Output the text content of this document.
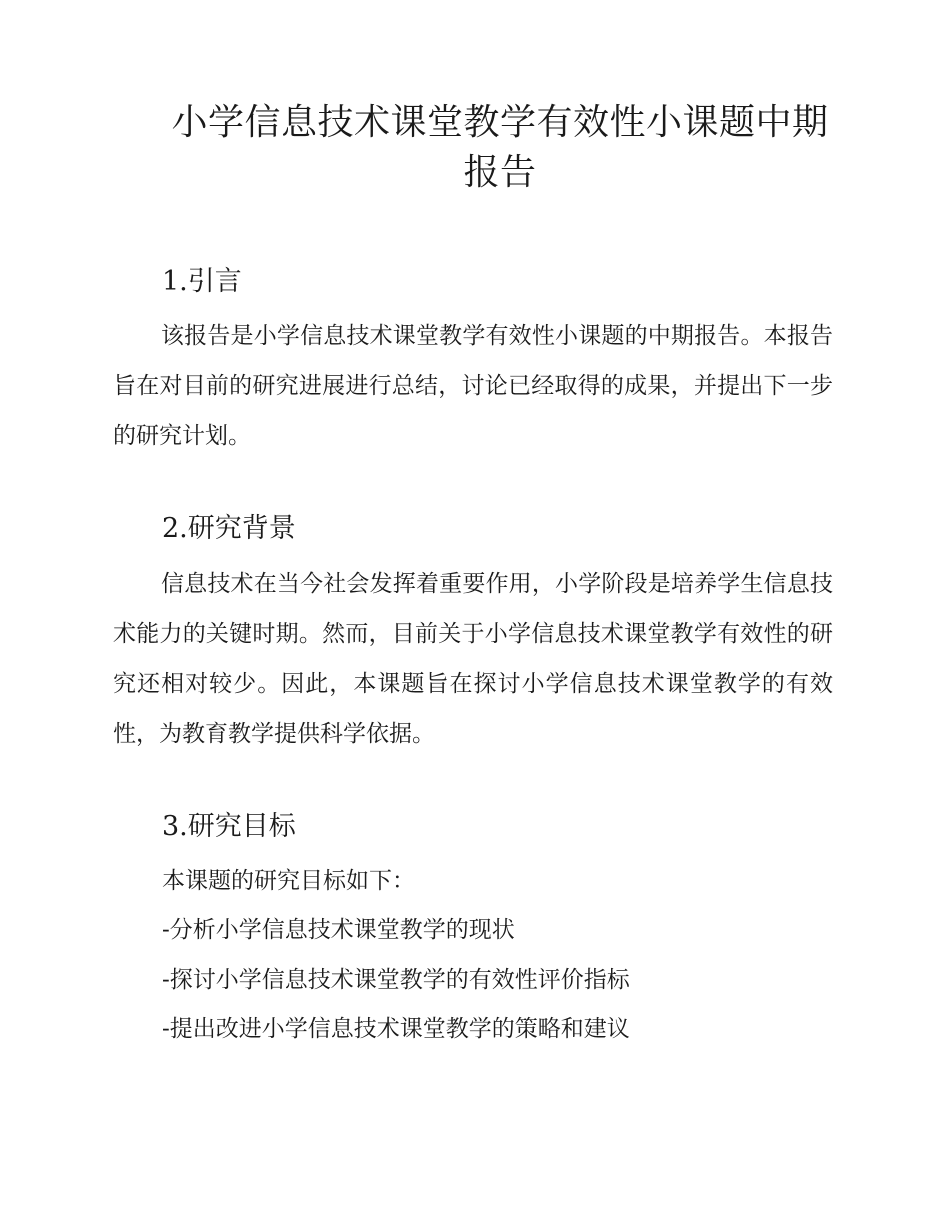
小学信息技术课堂教学有效性小课题中期报告
1.引言

该报告是小学信息技术课堂教学有效性小课题的中期报告。本报告旨在对目前的研究进展进行总结，讨论已经取得的成果，并提出下一步的研究计划。

2.研究背景

信息技术在当今社会发挥着重要作用，小学阶段是培养学生信息技术能力的关键时期。然而，目前关于小学信息技术课堂教学有效性的研究还相对较少。因此，本课题旨在探讨小学信息技术课堂教学的有效性，为教育教学提供科学依据。

3.研究目标

本课题的研究目标如下：

-分析小学信息技术课堂教学的现状

-探讨小学信息技术课堂教学的有效性评价指标

-提出改进小学信息技术课堂教学的策略和建议
